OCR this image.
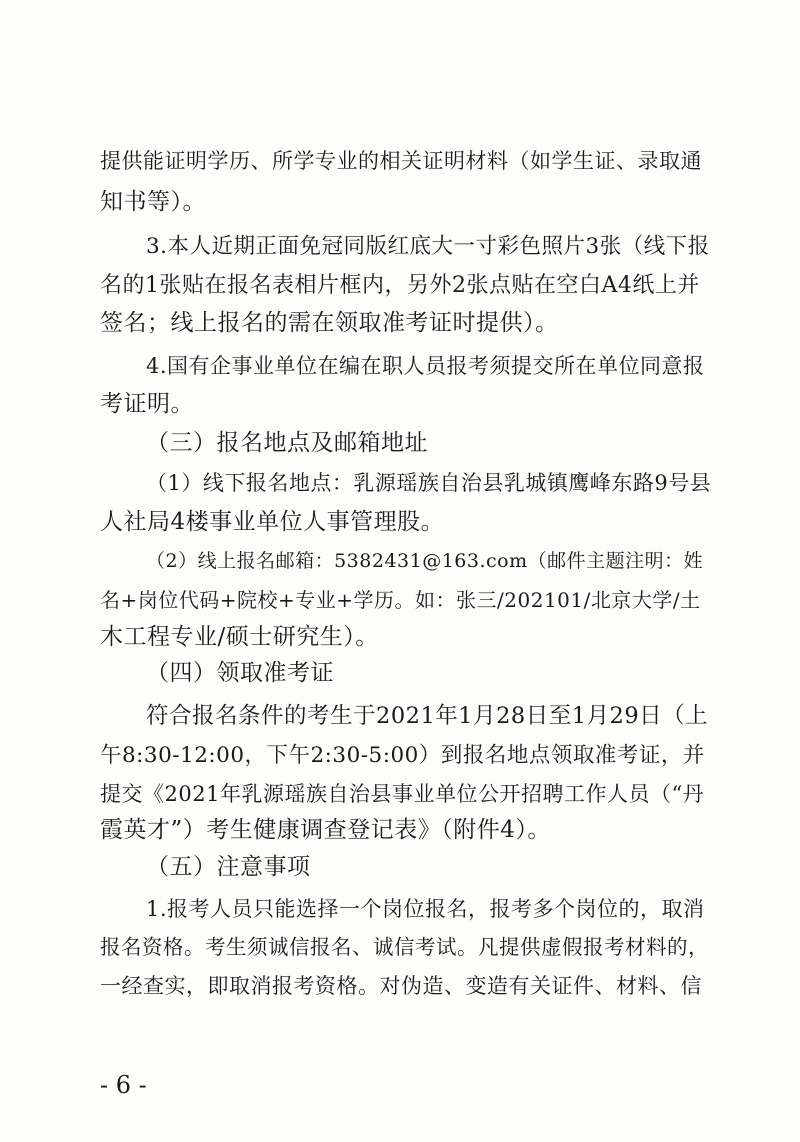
提供能证明学历、所学专业的相关证明材料（如学生证、录取通
知书等）。
3.本人近期正面免冠同版红底大一寸彩色照片3张（线下报
名的1张贴在报名表相片框内，另外2张点贴在空白A4纸上并
签名；线上报名的需在领取准考证时提供）。
4.国有企事业单位在编在职人员报考须提交所在单位同意报
考证明。
（三）报名地点及邮箱地址
（1）线下报名地点：乳源瑶族自治县乳城镇鹰峰东路9号县
人社局4楼事业单位人事管理股。
（2）线上报名邮箱：5382431@163.com（邮件主题注明：姓
名+岗位代码+院校+专业+学历。如：张三/202101/北京大学/土
木工程专业/硕士研究生）。
（四）领取准考证
符合报名条件的考生于2021年1月28日至1月29日（上
午8:30-12:00，下午2:30-5:00）到报名地点领取准考证，并
提交《2021年乳源瑶族自治县事业单位公开招聘工作人员（“丹
霞英才”）考生健康调查登记表》（附件4）。
（五）注意事项
1.报考人员只能选择一个岗位报名，报考多个岗位的，取消
报名资格。考生须诚信报名、诚信考试。凡提供虚假报考材料的，
一经查实，即取消报考资格。对伪造、变造有关证件、材料、信
- 6 -
